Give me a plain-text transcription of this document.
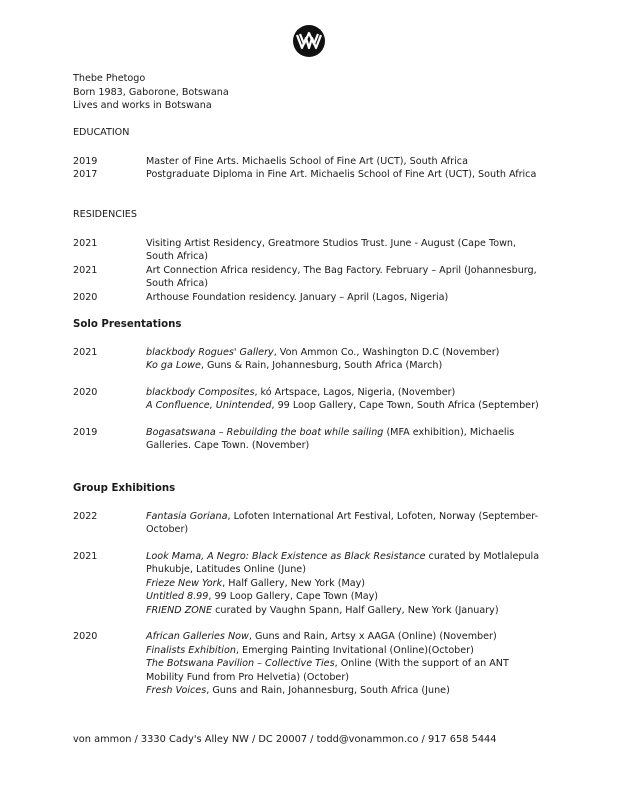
Thebe Phetogo
Born 1983, Gaborone, Botswana
Lives and works in Botswana
EDUCATION
2019	Master of Fine Arts. Michaelis School of Fine Art (UCT), South Africa
2017	Postgraduate Diploma in Fine Art. Michaelis School of Fine Art (UCT), South Africa
RESIDENCIES
2021	Visiting Artist Residency, Greatmore Studios Trust. June - August (Cape Town, South Africa)
2021	Art Connection Africa residency, The Bag Factory. February – April (Johannesburg, South Africa)
2020	Arthouse Foundation residency. January – April (Lagos, Nigeria)
Solo Presentations
2021	blackbody Rogues' Gallery, Von Ammon Co., Washington D.C (November)
Ko ga Lowe, Guns & Rain, Johannesburg, South Africa (March)
2020	blackbody Composites, kó Artspace, Lagos, Nigeria, (November)
A Confluence, Unintended, 99 Loop Gallery, Cape Town, South Africa (September)
2019	Bogasatswana – Rebuilding the boat while sailing (MFA exhibition), Michaelis Galleries. Cape Town. (November)
Group Exhibitions
2022	Fantasia Goriana, Lofoten International Art Festival, Lofoten, Norway (September-October)
2021	Look Mama, A Negro: Black Existence as Black Resistance curated by Motlalepula Phukubje, Latitudes Online (June)
Frieze New York, Half Gallery, New York (May)
Untitled 8.99, 99 Loop Gallery, Cape Town (May)
FRIEND ZONE curated by Vaughn Spann, Half Gallery, New York (January)
2020	African Galleries Now, Guns and Rain, Artsy x AAGA (Online) (November)
Finalists Exhibition, Emerging Painting Invitational (Online)(October)
The Botswana Pavilion – Collective Ties, Online (With the support of an ANT Mobility Fund from Pro Helvetia) (October)
Fresh Voices, Guns and Rain, Johannesburg, South Africa (June)
von ammon / 3330 Cady's Alley NW / DC 20007 / todd@vonammon.co / 917 658 5444
